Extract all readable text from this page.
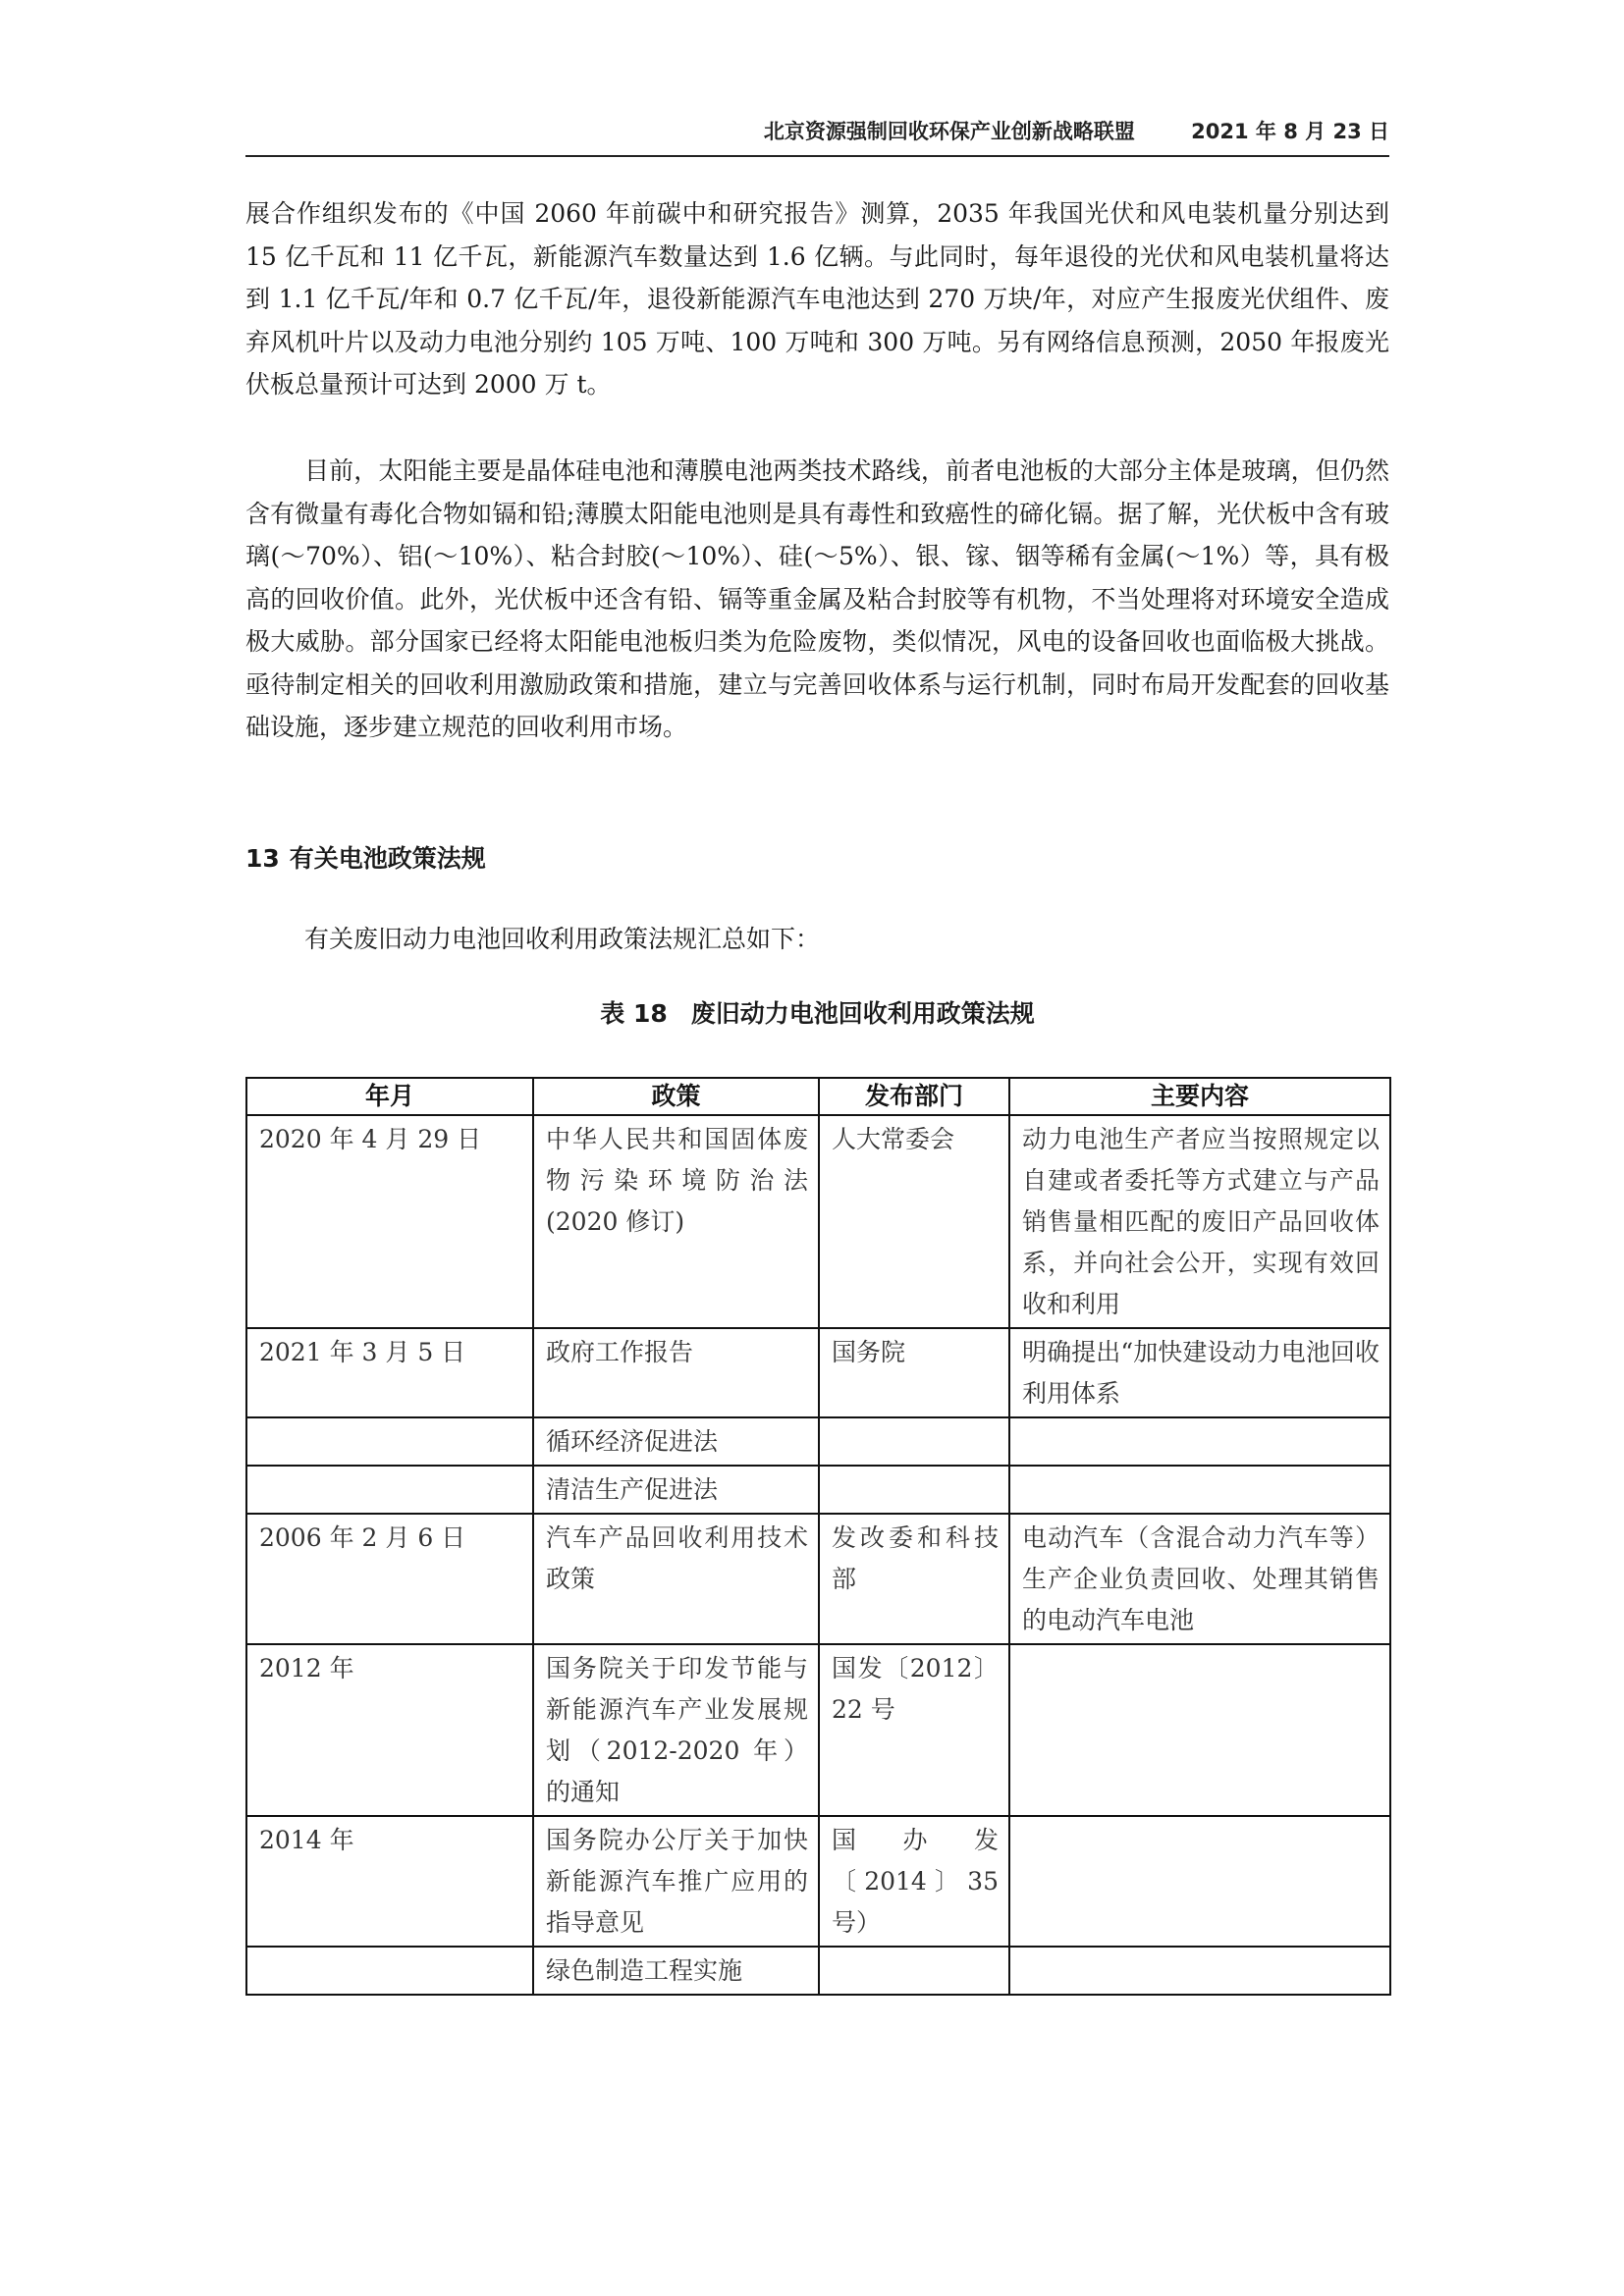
北京资源强制回收环保产业创新战略联盟	2021 年 8 月 23 日
展合作组织发布的《中国 2060 年前碳中和研究报告》测算，2035 年我国光伏和风电装机量分别达到 15 亿千瓦和 11 亿千瓦，新能源汽车数量达到 1.6 亿辆。与此同时，每年退役的光伏和风电装机量将达到 1.1 亿千瓦/年和 0.7 亿千瓦/年，退役新能源汽车电池达到 270 万块/年，对应产生报废光伏组件、废弃风机叶片以及动力电池分别约 105 万吨、100 万吨和 300 万吨。另有网络信息预测，2050 年报废光伏板总量预计可达到 2000 万 t。
目前，太阳能主要是晶体硅电池和薄膜电池两类技术路线，前者电池板的大部分主体是玻璃，但仍然含有微量有毒化合物如镉和铅;薄膜太阳能电池则是具有毒性和致癌性的碲化镉。据了解，光伏板中含有玻璃(～70%）、铝(～10%）、粘合封胶(～10%）、硅(～5%）、银、镓、铟等稀有金属(～1%）等，具有极高的回收价值。此外，光伏板中还含有铅、镉等重金属及粘合封胶等有机物，不当处理将对环境安全造成极大威胁。部分国家已经将太阳能电池板归类为危险废物，类似情况，风电的设备回收也面临极大挑战。亟待制定相关的回收利用激励政策和措施，建立与完善回收体系与运行机制，同时布局开发配套的回收基础设施，逐步建立规范的回收利用市场。
13 有关电池政策法规
有关废旧动力电池回收利用政策法规汇总如下：
表 18 废旧动力电池回收利用政策法规
年月	政策	发布部门	主要内容
2020 年 4 月 29 日	中华人民共和国固体废物污染环境防治法(2020 修订)	人大常委会	动力电池生产者应当按照规定以自建或者委托等方式建立与产品销售量相匹配的废旧产品回收体系，并向社会公开，实现有效回收和利用
2021 年 3 月 5 日	政府工作报告	国务院	明确提出“加快建设动力电池回收利用体系
	循环经济促进法		
	清洁生产促进法		
2006 年 2 月 6 日	汽车产品回收利用技术政策	发改委和科技部	电动汽车（含混合动力汽车等）生产企业负责回收、处理其销售的电动汽车电池
2012 年	国务院关于印发节能与新能源汽车产业发展规划（2012-2020 年）的通知	国发〔2012〕22 号	
2014 年	国务院办公厅关于加快新能源汽车推广应用的指导意见	国办发〔2014〕35 号）	
	绿色制造工程实施		
